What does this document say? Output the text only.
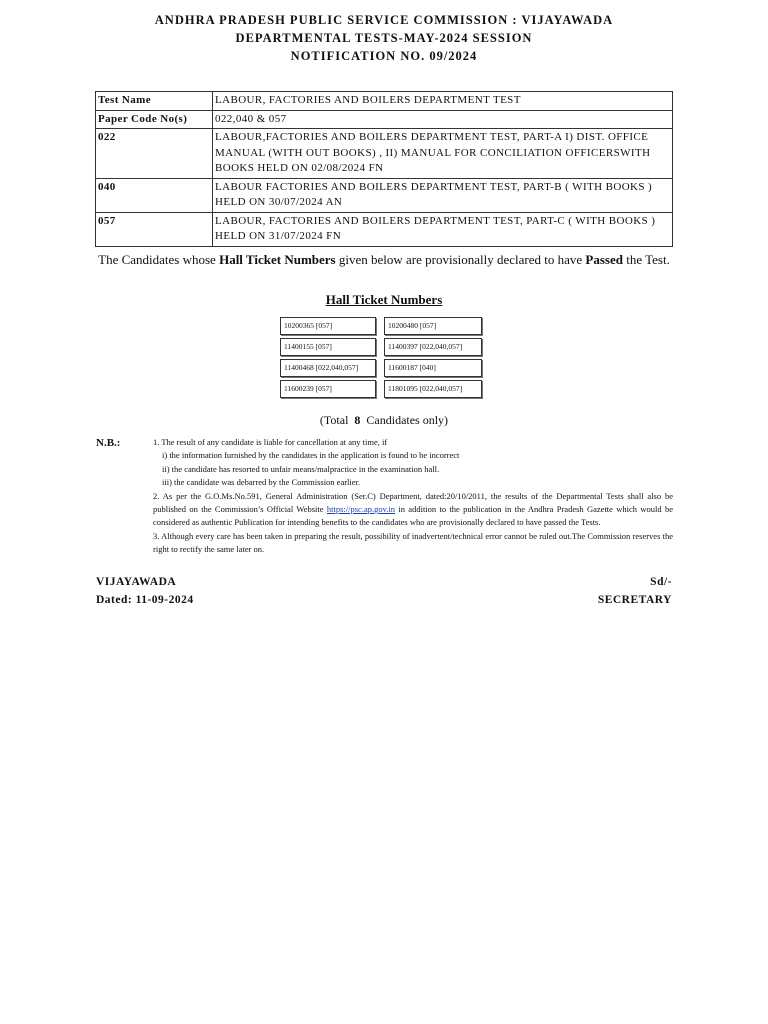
ANDHRA PRADESH PUBLIC SERVICE COMMISSION : VIJAYAWADA
DEPARTMENTAL TESTS-MAY-2024 SESSION
NOTIFICATION NO. 09/2024
Test Name	LABOUR, FACTORIES AND BOILERS DEPARTMENT TEST
Paper Code No(s)	022,040 & 057
022	LABOUR,FACTORIES AND BOILERS DEPARTMENT TEST, PART-A I) DIST. OFFICE MANUAL (WITH OUT BOOKS) , II) MANUAL FOR CONCILIATION OFFICERSWITH BOOKS HELD ON 02/08/2024 FN
040	LABOUR FACTORIES AND BOILERS DEPARTMENT TEST, PART-B ( WITH BOOKS ) HELD ON 30/07/2024 AN
057	LABOUR, FACTORIES AND BOILERS DEPARTMENT TEST, PART-C ( WITH BOOKS ) HELD ON 31/07/2024 FN
The Candidates whose Hall Ticket Numbers given below are provisionally declared to have Passed the Test.
Hall Ticket Numbers
10200365 [057]	10200480 [057]
11400155 [057]	11400397 [022,040,057]
11400468 [022,040,057]	11600187 [040]
11600239 [057]	11801095 [022,040,057]
(Total 8 Candidates only)
N.B.:	1. The result of any candidate is liable for cancellation at any time, if

i) the information furnished by the candidates in the application is found to be incorrect

ii) the candidate has resorted to unfair means/malpractice in the examination hall.

iii) the candidate was debarred by the Commission earlier.

2. As per the G.O.Ms.No.591, General Administration (Ser.C) Department, dated:20/10/2011, the results of the Departmental Tests shall also be published on the Commission’s Official Website https://psc.ap.gov.in in addition to the publication in the Andhra Pradesh Gazette which would be considered as authentic Publication for intending benefits to the candidates who are provisionally declared to have passed the Tests.

3. Although every care has been taken in preparing the result, possibility of inadvertent/technical error cannot be ruled out.The Commission reserves the right to rectify the same later on.

VIJAYAWADA
Dated: 11-09-2024
Sd/-
SECRETARY
